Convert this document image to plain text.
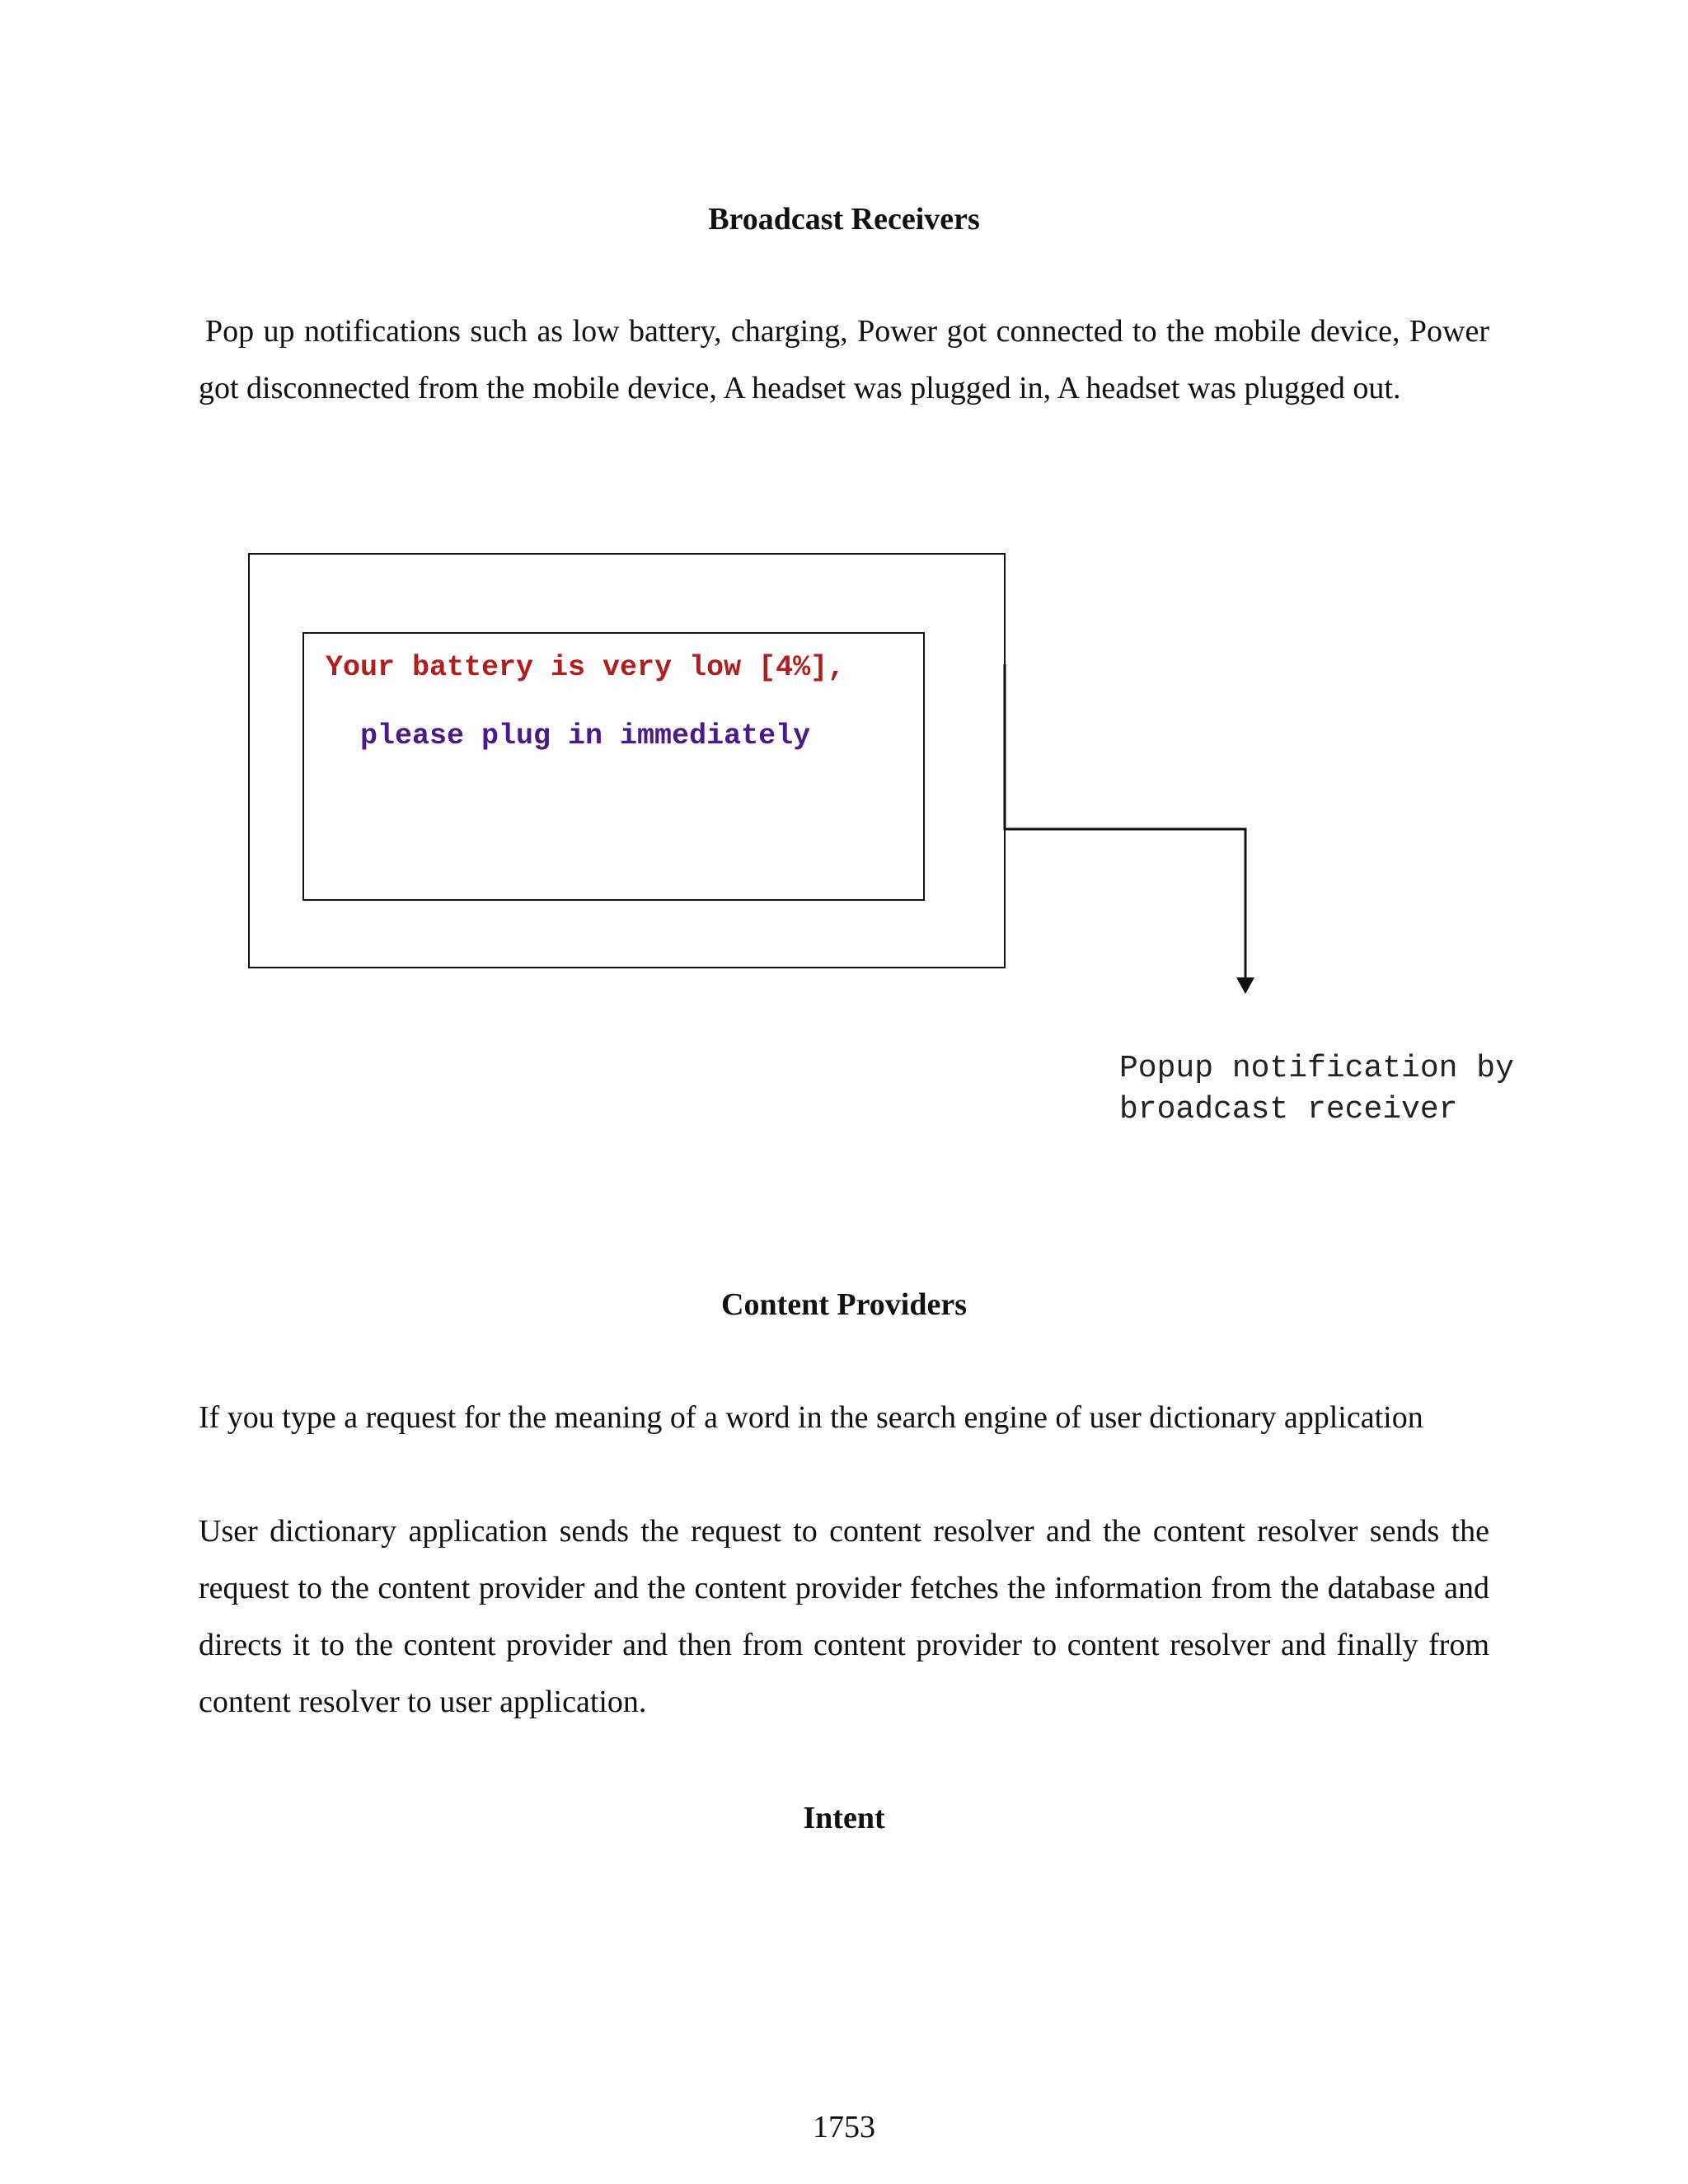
Broadcast Receivers

Pop up notifications such as low battery, charging, Power got connected to the mobile device, Power got disconnected from the mobile device, A headset was plugged in, A headset was plugged out.

Your battery is very low [4%],

please plug in immediately

Popup notification by broadcast receiver

Content Providers

If you type a request for the meaning of a word in the search engine of user dictionary application

User dictionary application sends the request to content resolver and the content resolver sends the request to the content provider and the content provider fetches the information from the database and directs it to the content provider and then from content provider to content resolver and finally from content resolver to user application.

Intent

1753
